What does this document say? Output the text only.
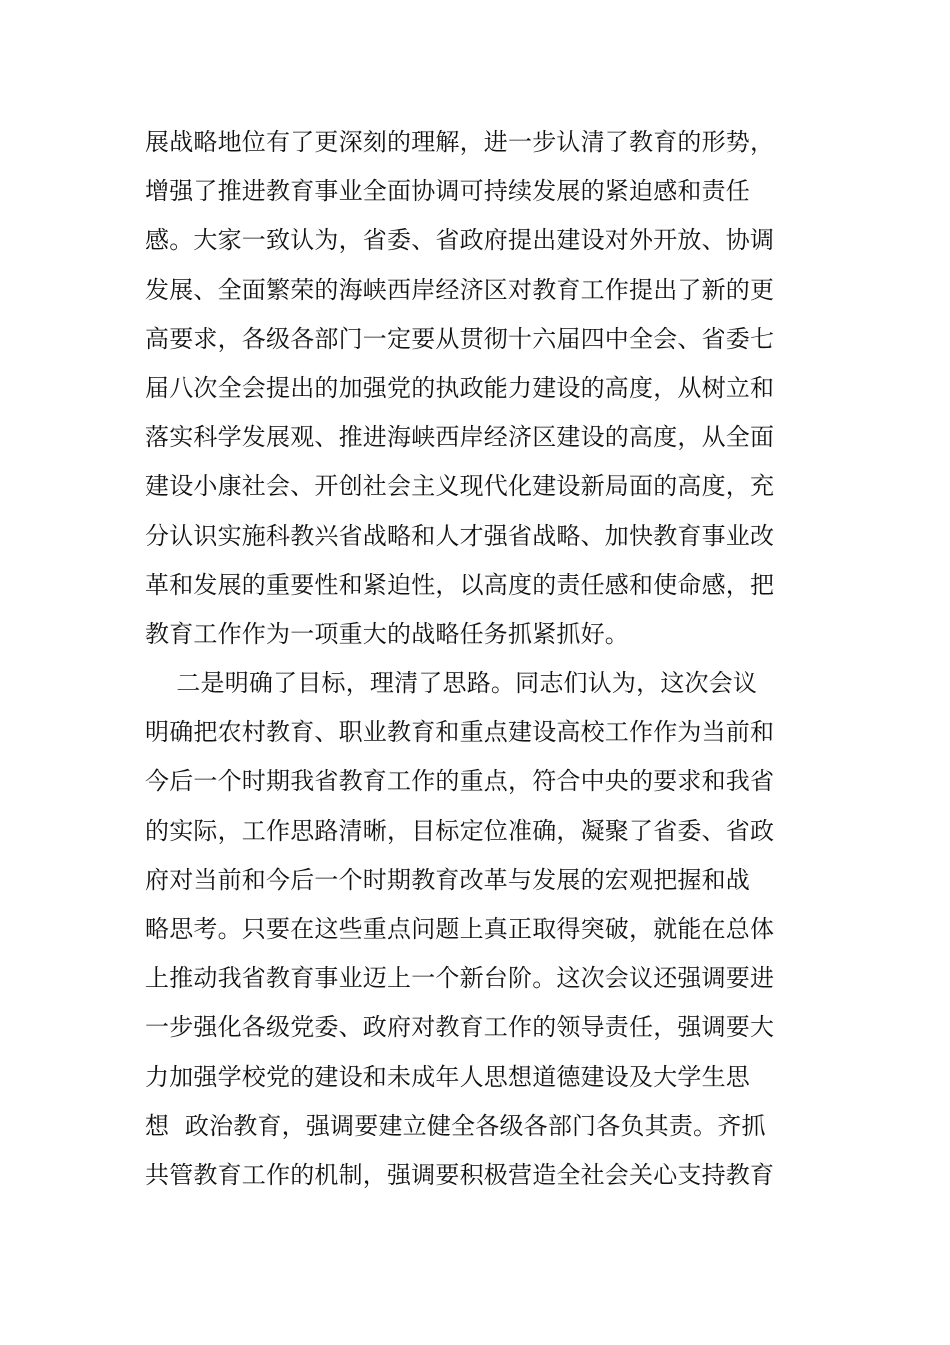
展战略地位有了更深刻的理解，进一步认清了教育的形势，
增强了推进教育事业全面协调可持续发展的紧迫感和责任
感。大家一致认为，省委、省政府提出建设对外开放、协调
发展、全面繁荣的海峡西岸经济区对教育工作提出了新的更
高要求，各级各部门一定要从贯彻十六届四中全会、省委七
届八次全会提出的加强党的执政能力建设的高度，从树立和
落实科学发展观、推进海峡西岸经济区建设的高度，从全面
建设小康社会、开创社会主义现代化建设新局面的高度，充
分认识实施科教兴省战略和人才强省战略、加快教育事业改
革和发展的重要性和紧迫性，以高度的责任感和使命感，把
教育工作作为一项重大的战略任务抓紧抓好。
二是明确了目标，理清了思路。同志们认为，这次会议
明确把农村教育、职业教育和重点建设高校工作作为当前和
今后一个时期我省教育工作的重点，符合中央的要求和我省
的实际，工作思路清晰，目标定位准确，凝聚了省委、省政
府对当前和今后一个时期教育改革与发展的宏观把握和战
略思考。只要在这些重点问题上真正取得突破，就能在总体
上推动我省教育事业迈上一个新台阶。这次会议还强调要进
一步强化各级党委、政府对教育工作的领导责任，强调要大
力加强学校党的建设和未成年人思想道德建设及大学生思
想  政治教育，强调要建立健全各级各部门各负其责。齐抓
共管教育工作的机制，强调要积极营造全社会关心支持教育
